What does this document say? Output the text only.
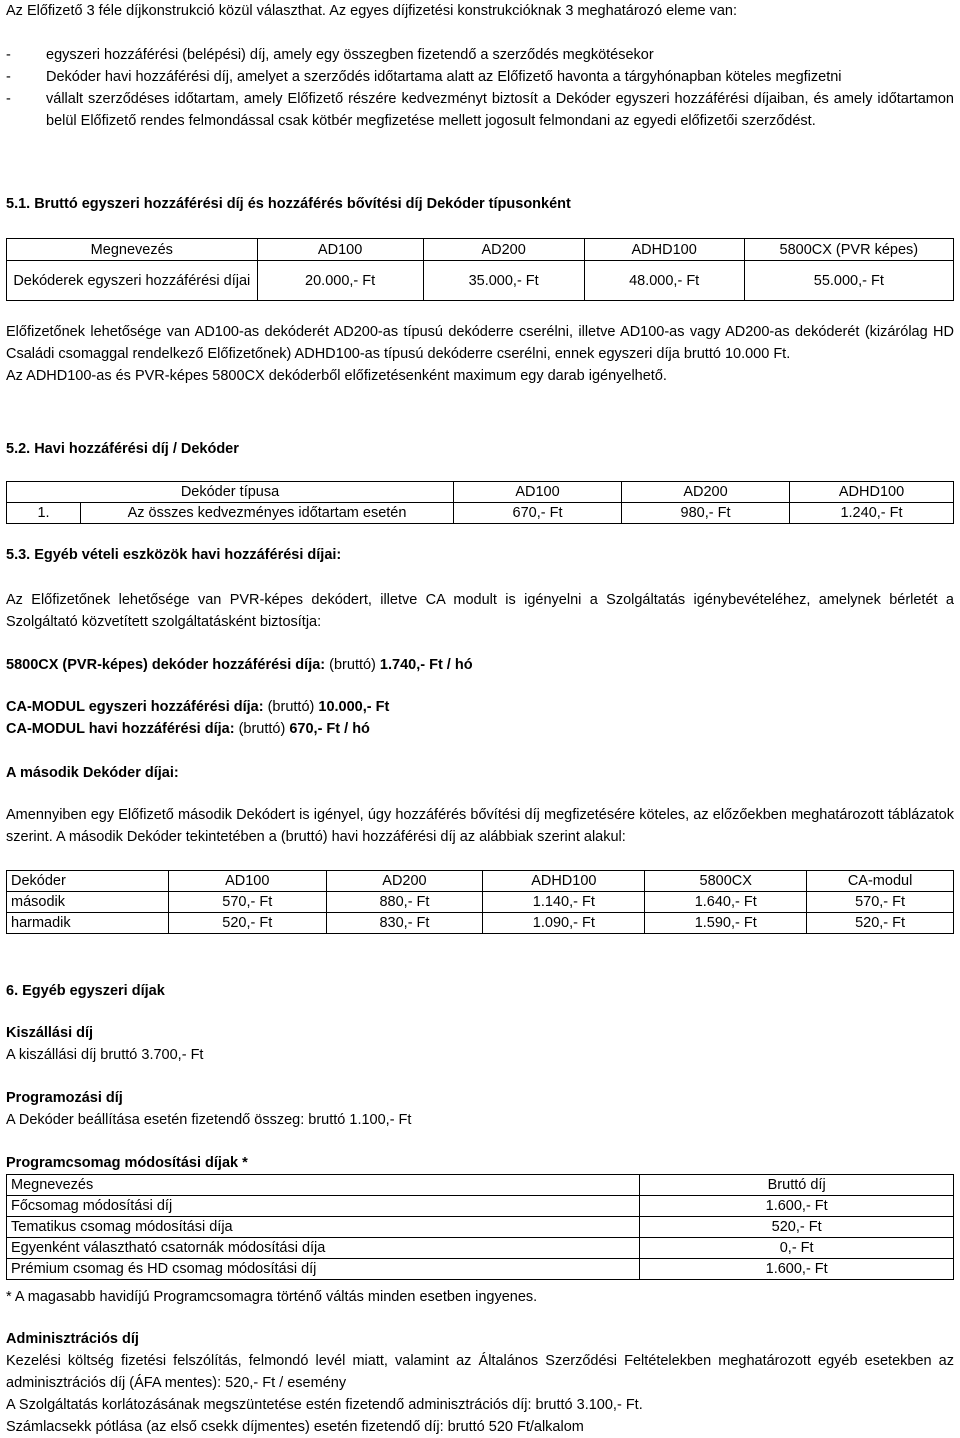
Az Előfizető 3 féle díjkonstrukció közül választhat. Az egyes díjfizetési konstrukcióknak 3 meghatározó eleme van:

- egyszeri hozzáférési (belépési) díj, amely egy összegben fizetendő a szerződés megkötésekor
- Dekóder havi hozzáférési díj, amelyet a szerződés időtartama alatt az Előfizető havonta a tárgyhónapban köteles megfizetni
- vállalt szerződéses időtartam, amely Előfizető részére kedvezményt biztosít a Dekóder egyszeri hozzáférési díjaiban, és amely időtartamon belül Előfizető rendes felmondással csak kötbér megfizetése mellett jogosult felmondani az egyedi előfizetői szerződést.

5.1. Bruttó egyszeri hozzáférési díj és hozzáférés bővítési díj Dekóder típusonként

Megnevezés	AD100	AD200	ADHD100	5800CX (PVR képes)
Dekóderek egyszeri hozzáférési díjai	20.000,- Ft	35.000,- Ft	48.000,- Ft	55.000,- Ft

Előfizetőnek lehetősége van AD100-as dekóderét AD200-as típusú dekóderre cserélni, illetve AD100-as vagy AD200-as dekóderét (kizárólag HD Családi csomaggal rendelkező Előfizetőnek) ADHD100-as típusú dekóderre cserélni, ennek egyszeri díja bruttó 10.000 Ft.

Az ADHD100-as és PVR-képes 5800CX dekóderből előfizetésenként maximum egy darab igényelhető.

5.2. Havi hozzáférési díj / Dekóder

Dekóder típusa		AD100	AD200	ADHD100
1.	Az összes kedvezményes időtartam esetén	670,- Ft	980,- Ft	1.240,- Ft

5.3. Egyéb vételi eszközök havi hozzáférési díjai:

Az Előfizetőnek lehetősége van PVR-képes dekódert, illetve CA modult is igényelni a Szolgáltatás igénybevételéhez, amelynek bérletét a Szolgáltató közvetített szolgáltatásként biztosítja:

5800CX (PVR-képes) dekóder hozzáférési díja: (bruttó) 1.740,- Ft / hó

CA-MODUL egyszeri hozzáférési díja: (bruttó) 10.000,- Ft

CA-MODUL havi hozzáférési díja: (bruttó) 670,- Ft / hó

A második Dekóder díjai:

Amennyiben egy Előfizető második Dekódert is igényel, úgy hozzáférés bővítési díj megfizetésére köteles, az előzőekben meghatározott táblázatok szerint. A második Dekóder tekintetében a (bruttó) havi hozzáférési díj az alábbiak szerint alakul:

Dekóder	AD100	AD200	ADHD100	5800CX	CA-modul
második	570,- Ft	880,- Ft	1.140,- Ft	1.640,- Ft	570,- Ft
harmadik	520,- Ft	830,- Ft	1.090,- Ft	1.590,- Ft	520,- Ft

6. Egyéb egyszeri díjak

Kiszállási díj

A kiszállási díj bruttó 3.700,- Ft

Programozási díj

A Dekóder beállítása esetén fizetendő összeg: bruttó 1.100,- Ft

Programcsomag módosítási díjak *

Megnevezés	Bruttó díj
Főcsomag módosítási díj	1.600,- Ft
Tematikus csomag módosítási díja	520,- Ft
Egyenként választható csatornák módosítási díja	0,- Ft
Prémium csomag és HD csomag módosítási díj	1.600,- Ft

* A magasabb havidíjú Programcsomagra történő váltás minden esetben ingyenes.

Adminisztrációs díj

Kezelési költség fizetési felszólítás, felmondó levél miatt, valamint az Általános Szerződési Feltételekben meghatározott egyéb esetekben az adminisztrációs díj (ÁFA mentes): 520,- Ft / esemény

A Szolgáltatás korlátozásának megszüntetése estén fizetendő adminisztrációs díj: bruttó 3.100,- Ft.

Számlacsekk pótlása (az első csekk díjmentes) esetén fizetendő díj: bruttó 520 Ft/alkalom
